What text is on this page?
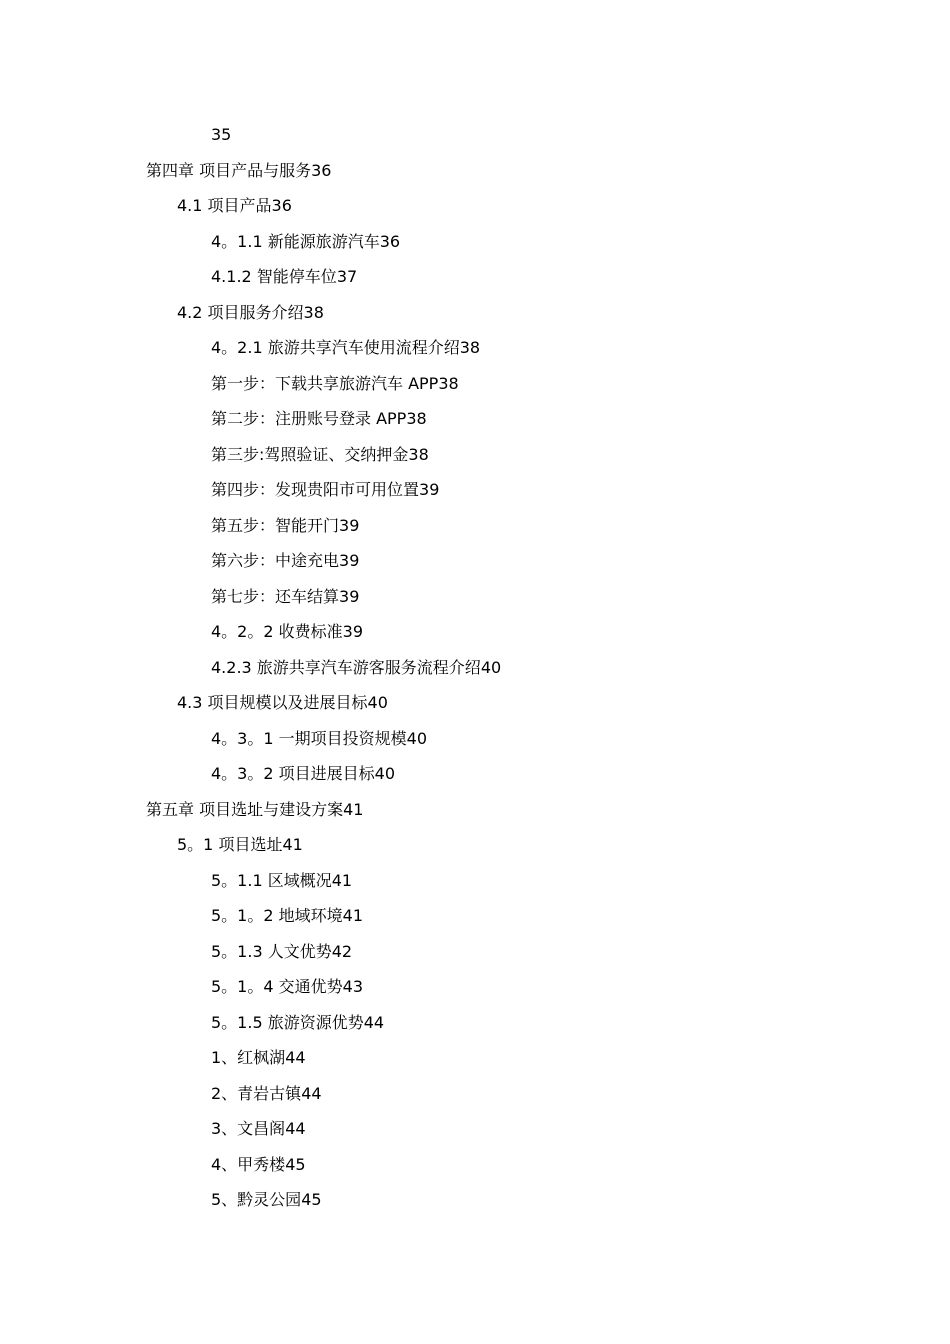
35
第四章 项目产品与服务36
4.1 项目产品36
4。1.1 新能源旅游汽车36
4.1.2 智能停车位37
4.2 项目服务介绍38
4。2.1 旅游共享汽车使用流程介绍38
第一步：下载共享旅游汽车 APP38
第二步：注册账号登录 APP38
第三步:驾照验证、交纳押金38
第四步：发现贵阳市可用位置39
第五步：智能开门39
第六步：中途充电39
第七步：还车结算39
4。2。2 收费标准39
4.2.3 旅游共享汽车游客服务流程介绍40
4.3 项目规模以及进展目标40
4。3。1 一期项目投资规模40
4。3。2 项目进展目标40
第五章 项目选址与建设方案41
5。1 项目选址41
5。1.1 区域概况41
5。1。2 地域环境41
5。1.3 人文优势42
5。1。4 交通优势43
5。1.5 旅游资源优势44
1、红枫湖44
2、青岩古镇44
3、文昌阁44
4、甲秀楼45
5、黔灵公园45
